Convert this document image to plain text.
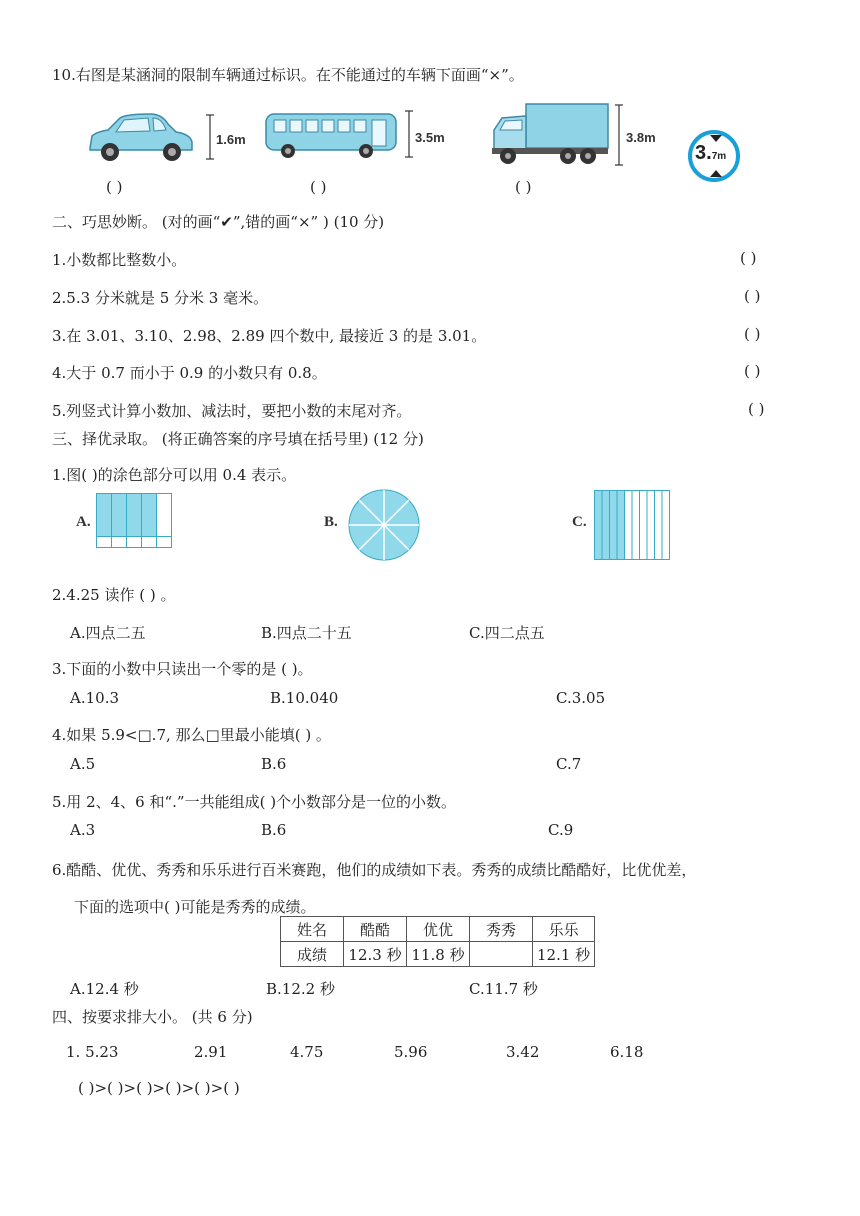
10.右图是某涵洞的限制车辆通过标识。在不能通过的车辆下面画“×”。
1.6m
( )
3.5m
( )
3.8m
( )
3.7m
二、巧思妙断。 (对的画“✔”,错的画“×” ) (10 分)
1.小数都比整数小。	( )
2.5.3 分米就是 5 分米 3 毫米。	( )
3.在 3.01、3.10、2.98、2.89 四个数中, 最接近 3 的是 3.01。	( )
4.大于 0.7 而小于 0.9 的小数只有 0.8。	( )
5.列竖式计算小数加、减法时，要把小数的末尾对齐。	( )
三、择优录取。 (将正确答案的序号填在括号里) (12 分)
1.图( )的涂色部分可以用 0.4 表示。
A.	B.	C.
2.4.25 读作 ( ) 。
A.四点二五	B.四点二十五	C.四二点五
3.下面的小数中只读出一个零的是 ( )。
A.10.3	B.10.040	C.3.05
4.如果 5.9<□.7, 那么□里最小能填( ) 。
A.5	B.6	C.7
5.用 2、4、6 和“.”一共能组成( )个小数部分是一位的小数。
A.3	B.6	C.9
6.酷酷、优优、秀秀和乐乐进行百米赛跑，他们的成绩如下表。秀秀的成绩比酷酷好，比优优差，
下面的选项中( )可能是秀秀的成绩。
姓名	酷酷	优优	秀秀	乐乐
成绩	12.3 秒	11.8 秒		12.1 秒
A.12.4 秒	B.12.2 秒	C.11.7 秒
四、按要求排大小。 (共 6 分)
1. 5.23	2.91	4.75	5.96	3.42	6.18
( )>( )>( )>( )>( )>( )
